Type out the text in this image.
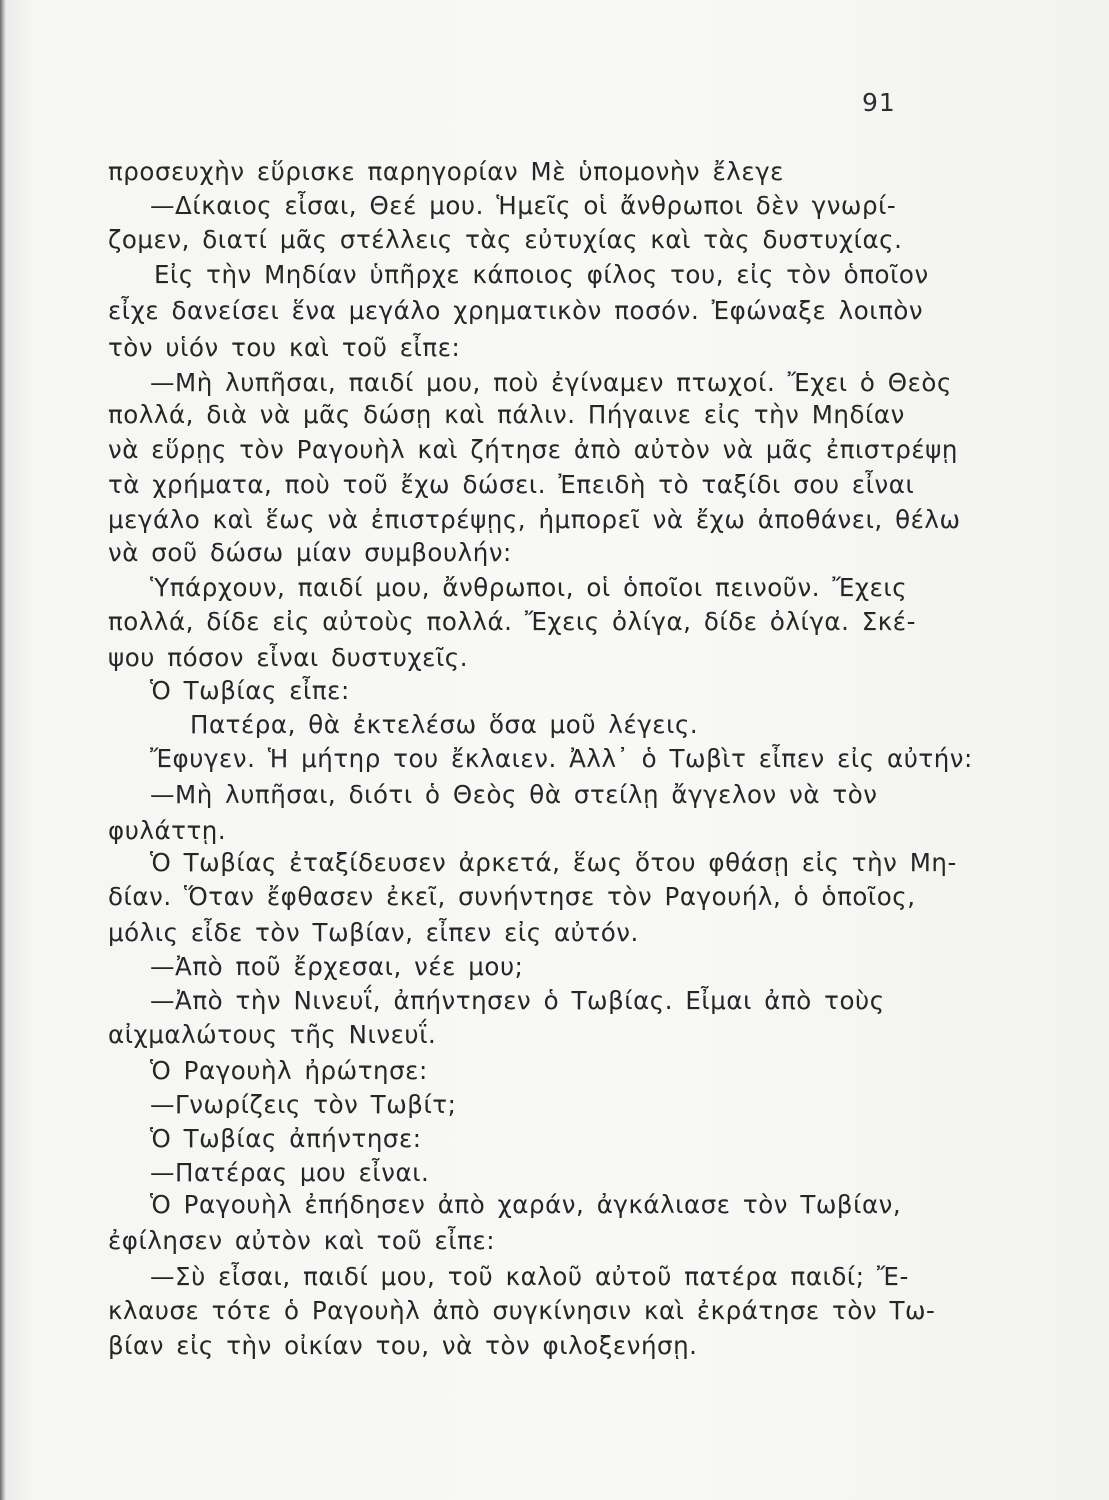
91

προσευχὴν εὕρισκε παρηγορίαν Μὲ ὑπομονὴν ἔλεγε

—Δίκαιος εἶσαι, Θεέ μου. Ἡμεῖς οἱ ἄνθρωποι δὲν γνωρί-

ζομεν, διατί μᾶς στέλλεις τὰς εὐτυχίας καὶ τὰς δυστυχίας.

Εἰς τὴν Μηδίαν ὑπῆρχε κάποιος φίλος του, εἰς τὸν ὁποῖον

εἶχε δανείσει ἕνα μεγάλο χρηματικὸν ποσόν. Ἐφώναξε λοιπὸν

τὸν υἱόν του καὶ τοῦ εἶπε:

—Μὴ λυπῆσαι, παιδί μου, ποὺ ἐγίναμεν πτωχοί. Ἔχει ὁ Θεὸς

πολλά, διὰ νὰ μᾶς δώσῃ καὶ πάλιν. Πήγαινε εἰς τὴν Μηδίαν

νὰ εὕρῃς τὸν Ραγουὴλ καὶ ζήτησε ἀπὸ αὐτὸν νὰ μᾶς ἐπιστρέψῃ

τὰ χρήματα, ποὺ τοῦ ἔχω δώσει. Ἐπειδὴ τὸ ταξίδι σου εἶναι

μεγάλο καὶ ἕως νὰ ἐπιστρέψῃς, ἠμπορεῖ νὰ ἔχω ἀποθάνει, θέλω

νὰ σοῦ δώσω μίαν συμβουλήν:

Ὑπάρχουν, παιδί μου, ἄνθρωποι, οἱ ὁποῖοι πεινοῦν. Ἔχεις

πολλά, δίδε εἰς αὐτοὺς πολλά. Ἔχεις ὀλίγα, δίδε ὀλίγα. Σκέ-

ψου πόσον εἶναι δυστυχεῖς.

Ὁ Τωβίας εἶπε:

Πατέρα, θὰ ἐκτελέσω ὅσα μοῦ λέγεις.

Ἔφυγεν. Ἡ μήτηρ του ἔκλαιεν. Ἀλλ᾽ ὁ Τωβὶτ εἶπεν εἰς αὐτήν:

—Μὴ λυπῆσαι, διότι ὁ Θεὸς θὰ στείλῃ ἄγγελον νὰ τὸν

φυλάττῃ.

Ὁ Τωβίας ἐταξίδευσεν ἀρκετά, ἕως ὅτου φθάσῃ εἰς τὴν Μη-

δίαν. Ὅταν ἔφθασεν ἐκεῖ, συνήντησε τὸν Ραγουήλ, ὁ ὁποῖος,

μόλις εἶδε τὸν Τωβίαν, εἶπεν εἰς αὐτόν.

—Ἀπὸ ποῦ ἔρχεσαι, νέε μου;

—Ἀπὸ τὴν Νινευΐ, ἀπήντησεν ὁ Τωβίας. Εἶμαι ἀπὸ τοὺς

αἰχμαλώτους τῆς Νινευΐ.

Ὁ Ραγουὴλ ἠρώτησε:

—Γνωρίζεις τὸν Τωβίτ;

Ὁ Τωβίας ἀπήντησε:

—Πατέρας μου εἶναι.

Ὁ Ραγουὴλ ἐπήδησεν ἀπὸ χαράν, ἀγκάλιασε τὸν Τωβίαν,

ἐφίλησεν αὐτὸν καὶ τοῦ εἶπε:

—Σὺ εἶσαι, παιδί μου, τοῦ καλοῦ αὐτοῦ πατέρα παιδί; Ἔ-

κλαυσε τότε ὁ Ραγουὴλ ἀπὸ συγκίνησιν καὶ ἐκράτησε τὸν Τω-

βίαν εἰς τὴν οἰκίαν του, νὰ τὸν φιλοξενήσῃ.
